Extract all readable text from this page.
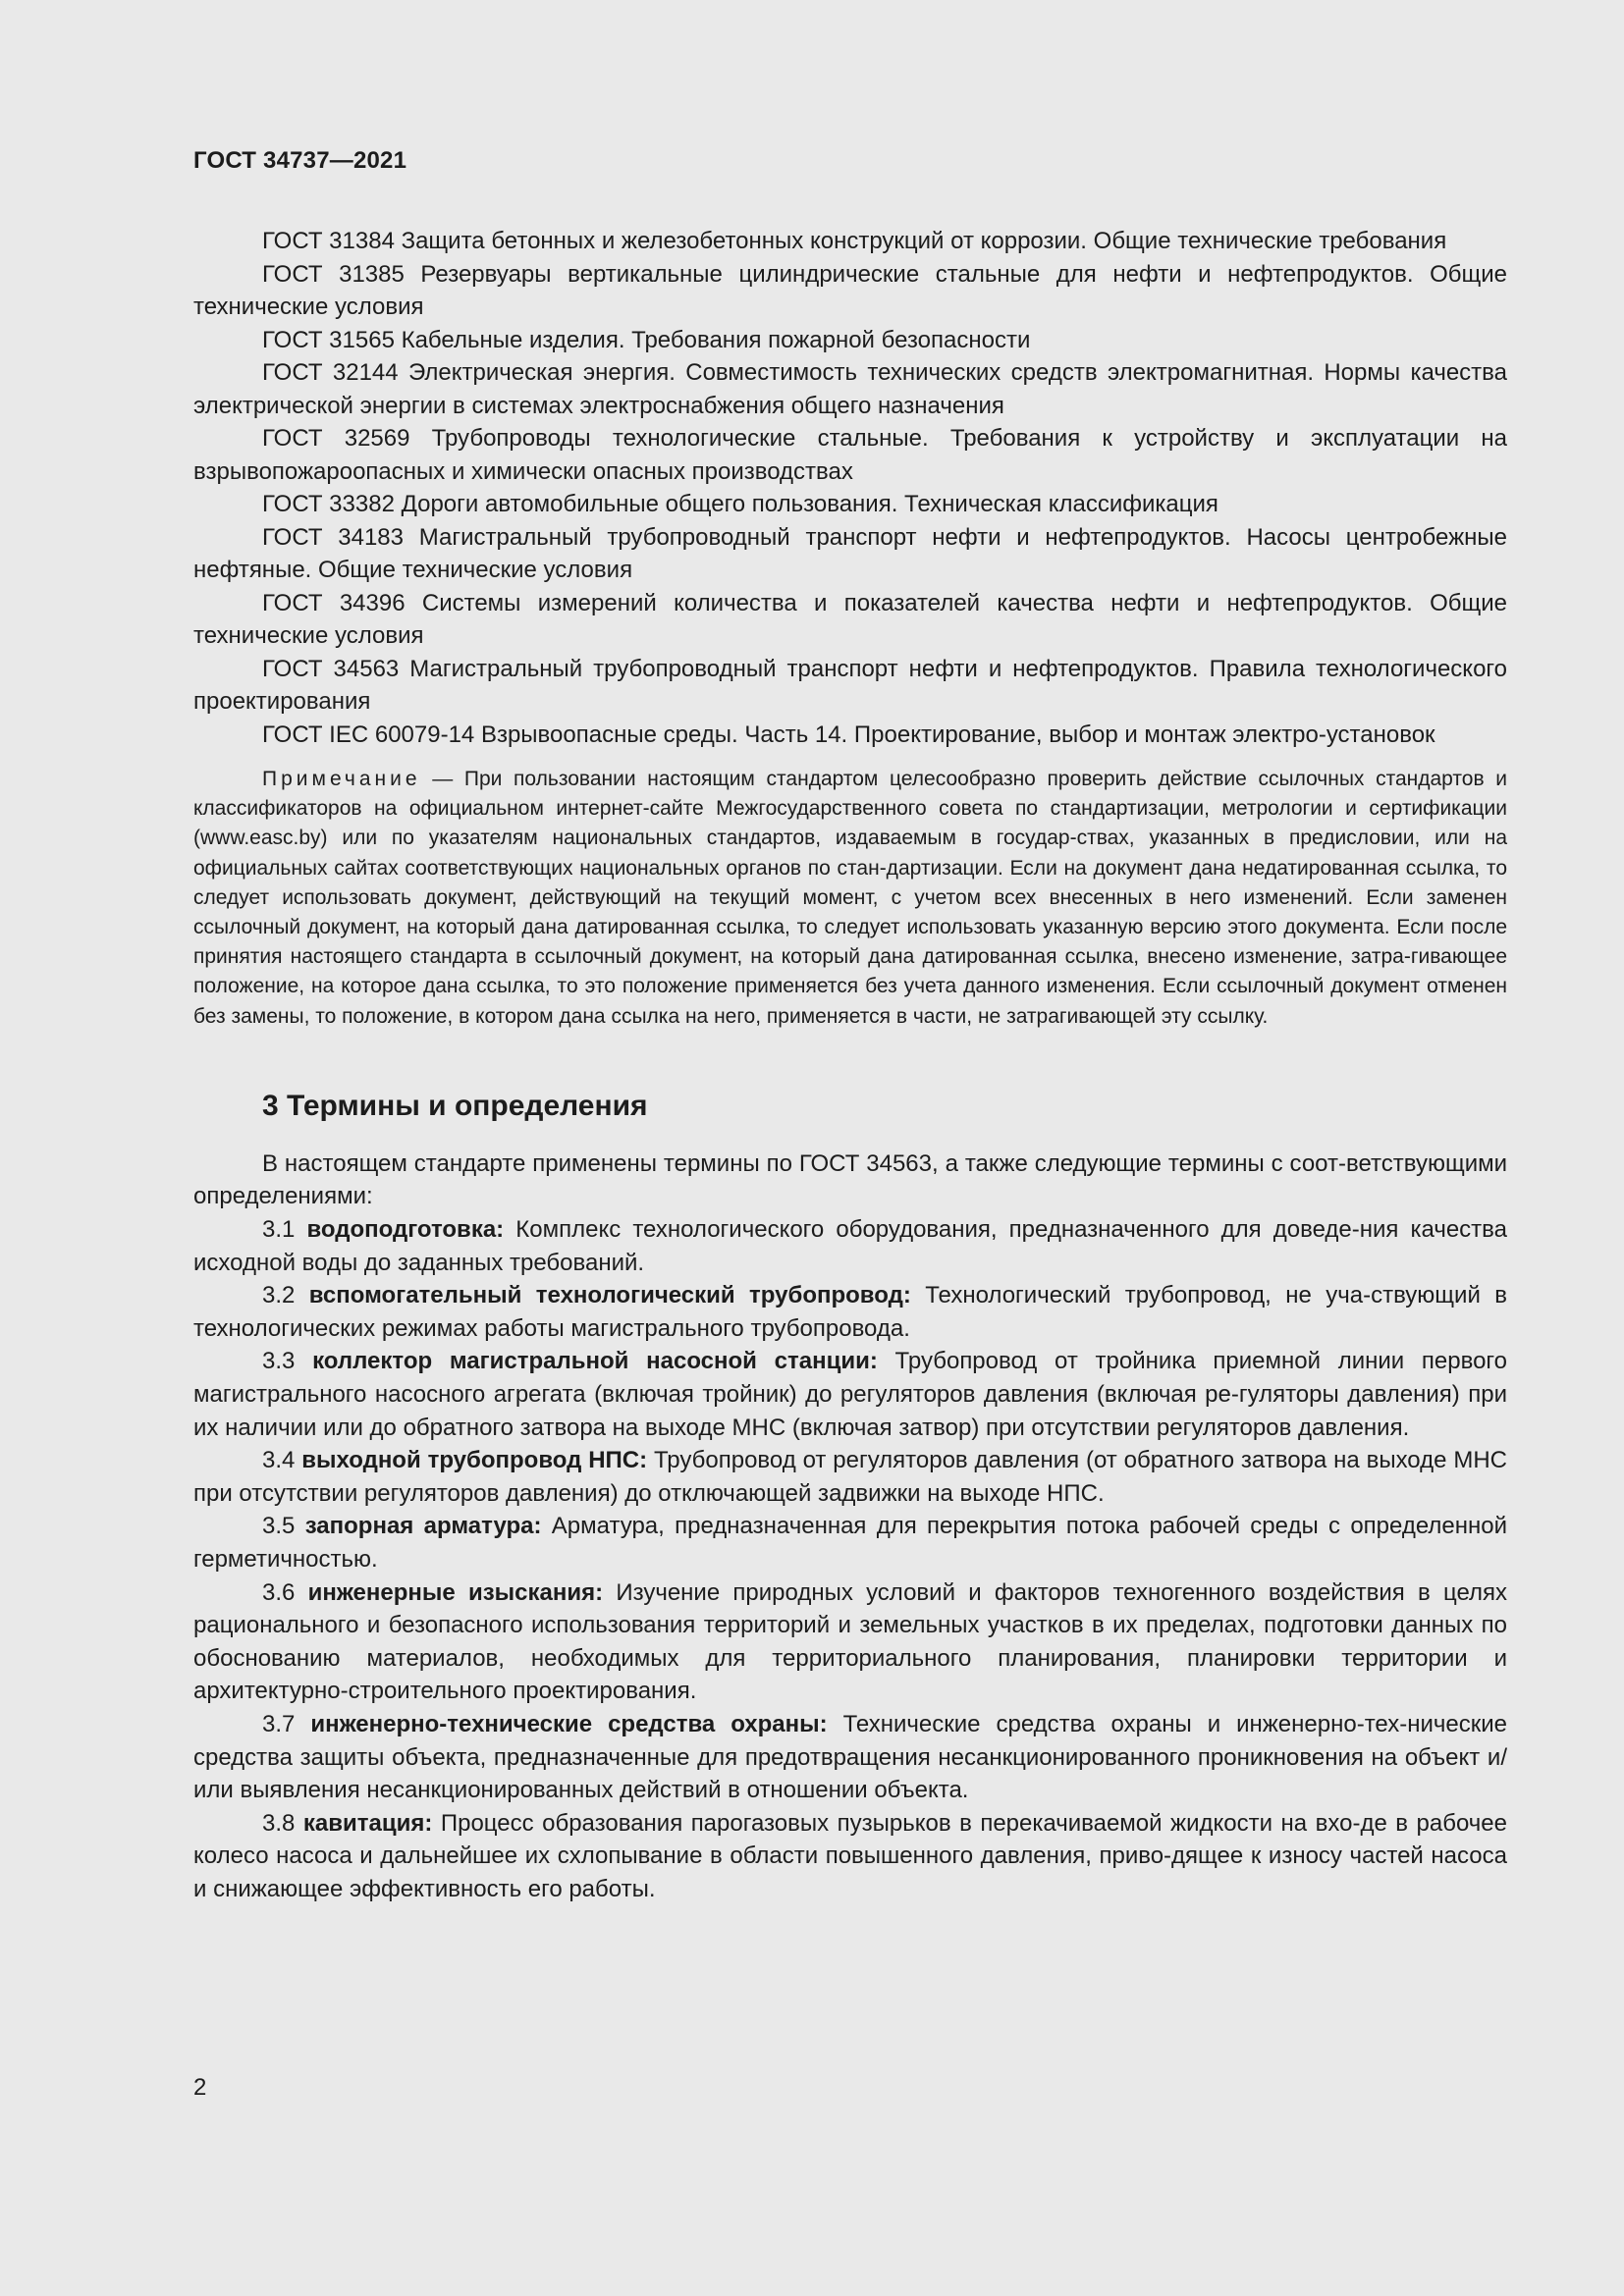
ГОСТ 34737—2021

ГОСТ 31384 Защита бетонных и железобетонных конструкций от коррозии. Общие технические требования

ГОСТ 31385 Резервуары вертикальные цилиндрические стальные для нефти и нефтепродуктов. Общие технические условия

ГОСТ 31565 Кабельные изделия. Требования пожарной безопасности

ГОСТ 32144 Электрическая энергия. Совместимость технических средств электромагнитная. Нормы качества электрической энергии в системах электроснабжения общего назначения

ГОСТ 32569 Трубопроводы технологические стальные. Требования к устройству и эксплуатации на взрывопожароопасных и химически опасных производствах

ГОСТ 33382 Дороги автомобильные общего пользования. Техническая классификация

ГОСТ 34183 Магистральный трубопроводный транспорт нефти и нефтепродуктов. Насосы центробежные нефтяные. Общие технические условия

ГОСТ 34396 Системы измерений количества и показателей качества нефти и нефтепродуктов. Общие технические условия

ГОСТ 34563 Магистральный трубопроводный транспорт нефти и нефтепродуктов. Правила технологического проектирования

ГОСТ IEC 60079-14 Взрывоопасные среды. Часть 14. Проектирование, выбор и монтаж электро-установок

Примечание — При пользовании настоящим стандартом целесообразно проверить действие ссылочных стандартов и классификаторов на официальном интернет-сайте Межгосударственного совета по стандартизации, метрологии и сертификации (www.easc.by) или по указателям национальных стандартов, издаваемым в государ-ствах, указанных в предисловии, или на официальных сайтах соответствующих национальных органов по стан-дартизации. Если на документ дана недатированная ссылка, то следует использовать документ, действующий на текущий момент, с учетом всех внесенных в него изменений. Если заменен ссылочный документ, на который дана датированная ссылка, то следует использовать указанную версию этого документа. Если после принятия настоящего стандарта в ссылочный документ, на который дана датированная ссылка, внесено изменение, затра-гивающее положение, на которое дана ссылка, то это положение применяется без учета данного изменения. Если ссылочный документ отменен без замены, то положение, в котором дана ссылка на него, применяется в части, не затрагивающей эту ссылку.

3 Термины и определения

В настоящем стандарте применены термины по ГОСТ 34563, а также следующие термины с соот-ветствующими определениями:

3.1 водоподготовка: Комплекс технологического оборудования, предназначенного для доведе-ния качества исходной воды до заданных требований.

3.2 вспомогательный технологический трубопровод: Технологический трубопровод, не уча-ствующий в технологических режимах работы магистрального трубопровода.

3.3 коллектор магистральной насосной станции: Трубопровод от тройника приемной линии первого магистрального насосного агрегата (включая тройник) до регуляторов давления (включая ре-гуляторы давления) при их наличии или до обратного затвора на выходе МНС (включая затвор) при отсутствии регуляторов давления.

3.4 выходной трубопровод НПС: Трубопровод от регуляторов давления (от обратного затвора на выходе МНС при отсутствии регуляторов давления) до отключающей задвижки на выходе НПС.

3.5 запорная арматура: Арматура, предназначенная для перекрытия потока рабочей среды с определенной герметичностью.

3.6 инженерные изыскания: Изучение природных условий и факторов техногенного воздействия в целях рационального и безопасного использования территорий и земельных участков в их пределах, подготовки данных по обоснованию материалов, необходимых для территориального планирования, планировки территории и архитектурно-строительного проектирования.

3.7 инженерно-технические средства охраны: Технические средства охраны и инженерно-тех-нические средства защиты объекта, предназначенные для предотвращения несанкционированного проникновения на объект и/или выявления несанкционированных действий в отношении объекта.

3.8 кавитация: Процесс образования парогазовых пузырьков в перекачиваемой жидкости на вхо-де в рабочее колесо насоса и дальнейшее их схлопывание в области повышенного давления, приво-дящее к износу частей насоса и снижающее эффективность его работы.

2
